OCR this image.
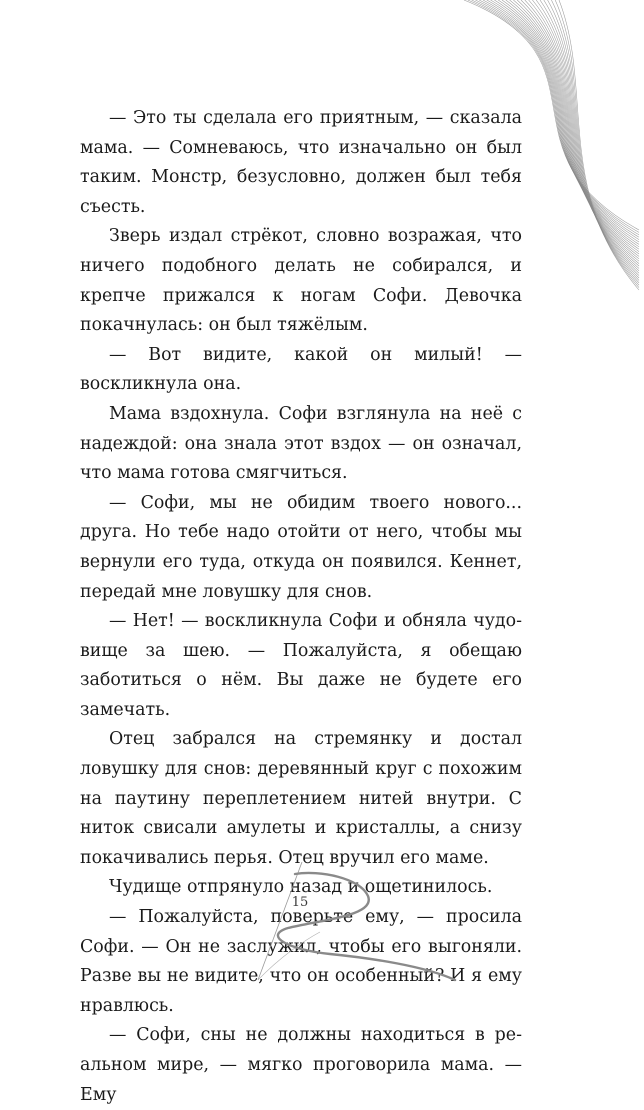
— Это ты сделала его приятным, — сказала мама. — Сомневаюсь, что изначально он был таким. Монстр, безусловно, должен был тебя съесть.

Зверь издал стрёкот, словно возражая, что ничего подобного делать не собирался, и крепче прижался к ногам Софи. Девочка покачнулась: он был тяжёлым.

— Вот видите, какой он милый! — воскликнула она.

Мама вздохнула. Софи взглянула на неё с надеждой: она знала этот вздох — он означал, что мама готова смягчиться.

— Софи, мы не обидим твоего нового... друга. Но тебе надо отойти от него, чтобы мы вернули его туда, откуда он появился. Кеннет, передай мне ловушку для снов.

— Нет! — воскликнула Софи и обняла чудовище за шею. — Пожалуйста, я обещаю заботиться о нём. Вы даже не будете его замечать.

Отец забрался на стремянку и достал ловушку для снов: деревянный круг с похожим на паутину переплетением нитей внутри. С ниток свисали амулеты и кристаллы, а снизу покачивались перья. Отец вручил его маме.

Чудище отпрянуло назад и ощетинилось.

— Пожалуйста, поверьте ему, — просила Софи. — Он не заслужил, чтобы его выгоняли. Разве вы не видите, что он особенный? И я ему нравлюсь.

— Софи, сны не должны находиться в реальном мире, — мягко проговорила мама. — Ему

15
